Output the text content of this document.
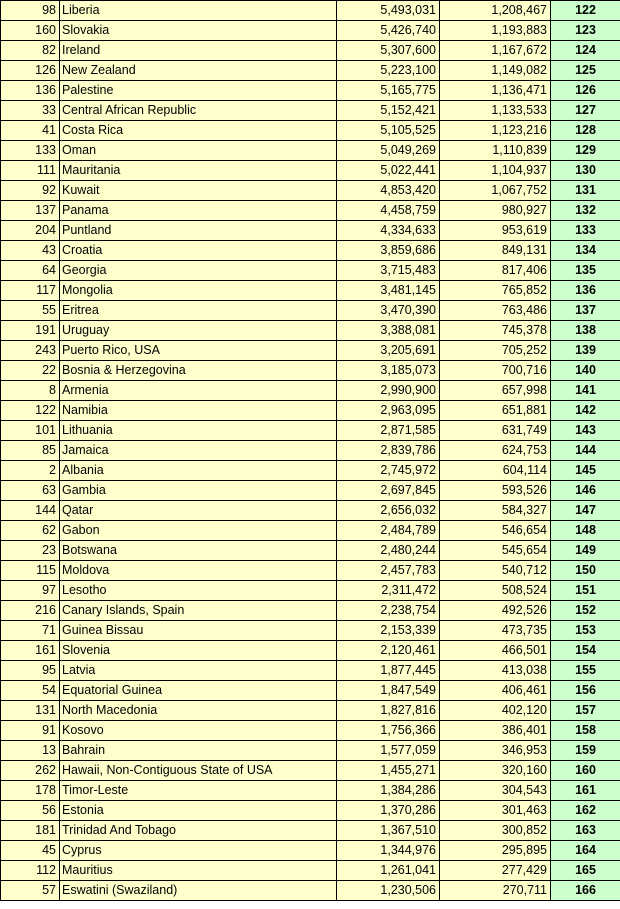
98	Liberia	5,493,031	1,208,467	122
160	Slovakia	5,426,740	1,193,883	123
82	Ireland	5,307,600	1,167,672	124
126	New Zealand	5,223,100	1,149,082	125
136	Palestine	5,165,775	1,136,471	126
33	Central African Republic	5,152,421	1,133,533	127
41	Costa Rica	5,105,525	1,123,216	128
133	Oman	5,049,269	1,110,839	129
111	Mauritania	5,022,441	1,104,937	130
92	Kuwait	4,853,420	1,067,752	131
137	Panama	4,458,759	980,927	132
204	Puntland	4,334,633	953,619	133
43	Croatia	3,859,686	849,131	134
64	Georgia	3,715,483	817,406	135
117	Mongolia	3,481,145	765,852	136
55	Eritrea	3,470,390	763,486	137
191	Uruguay	3,388,081	745,378	138
243	Puerto Rico, USA	3,205,691	705,252	139
22	Bosnia & Herzegovina	3,185,073	700,716	140
8	Armenia	2,990,900	657,998	141
122	Namibia	2,963,095	651,881	142
101	Lithuania	2,871,585	631,749	143
85	Jamaica	2,839,786	624,753	144
2	Albania	2,745,972	604,114	145
63	Gambia	2,697,845	593,526	146
144	Qatar	2,656,032	584,327	147
62	Gabon	2,484,789	546,654	148
23	Botswana	2,480,244	545,654	149
115	Moldova	2,457,783	540,712	150
97	Lesotho	2,311,472	508,524	151
216	Canary Islands, Spain	2,238,754	492,526	152
71	Guinea Bissau	2,153,339	473,735	153
161	Slovenia	2,120,461	466,501	154
95	Latvia	1,877,445	413,038	155
54	Equatorial Guinea	1,847,549	406,461	156
131	North Macedonia	1,827,816	402,120	157
91	Kosovo	1,756,366	386,401	158
13	Bahrain	1,577,059	346,953	159
262	Hawaii, Non-Contiguous State of USA	1,455,271	320,160	160
178	Timor-Leste	1,384,286	304,543	161
56	Estonia	1,370,286	301,463	162
181	Trinidad And Tobago	1,367,510	300,852	163
45	Cyprus	1,344,976	295,895	164
112	Mauritius	1,261,041	277,429	165
57	Eswatini (Swaziland)	1,230,506	270,711	166
